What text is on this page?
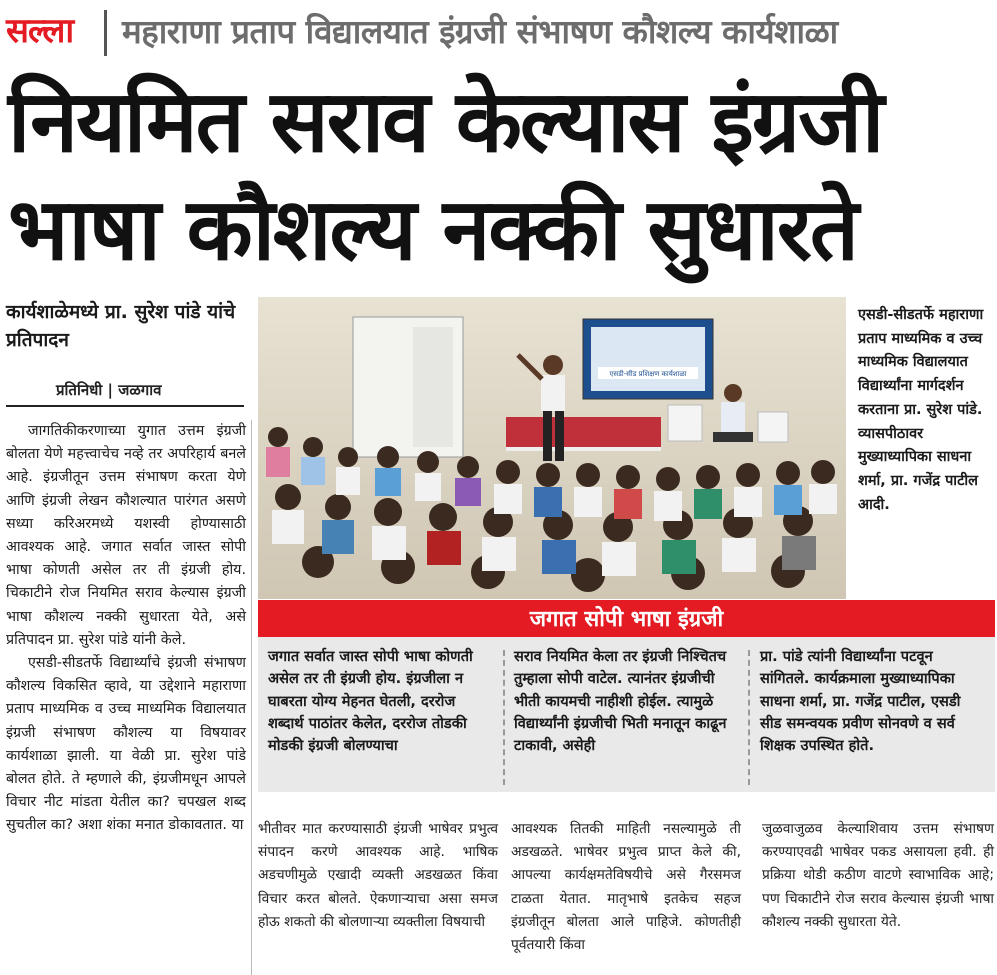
सल्ला महाराणा प्रताप विद्यालयात इंग्रजी संभाषण कौशल्य कार्यशाळा
नियमित सराव केल्यास इंग्रजी
भाषा कौशल्य नक्की सुधारते
कार्यशाळेमध्ये प्रा. सुरेश पांडे यांचे प्रतिपादन
प्रतिनिधी | जळगाव

जागतिकीकरणाच्या युगात उत्तम इंग्रजी बोलता येणे महत्त्वाचेच नव्हे तर अपरिहार्य बनले आहे. इंग्रजीतून उत्तम संभाषण करता येणे आणि इंग्रजी लेखन कौशल्यात पारंगत असणे सध्या करिअरमध्ये यशस्वी होण्यासाठी आवश्यक आहे. जगात सर्वात जास्त सोपी भाषा कोणती असेल तर ती इंग्रजी होय. चिकाटीने रोज नियमित सराव केल्यास इंग्रजी भाषा कौशल्य नक्की सुधारता येते, असे प्रतिपादन प्रा. सुरेश पांडे यांनी केले.

एसडी-सीडतर्फे विद्यार्थ्यांचे इंग्रजी संभाषण कौशल्य विकसित व्हावे, या उद्देशाने महाराणा प्रताप माध्यमिक व उच्च माध्यमिक विद्यालयात इंग्रजी संभाषण कौशल्य या विषयावर कार्यशाळा झाली. या वेळी प्रा. सुरेश पांडे बोलत होते. ते म्हणाले की, इंग्रजीमधून आपले विचार नीट मांडता येतील का? चपखल शब्द सुचतील का? अशा शंका मनात डोकावतात. या

एसडी-सीड प्रशिक्षण कार्यशाळा
एसडी-सीडतर्फे महाराणा प्रताप माध्यमिक व उच्च माध्यमिक विद्यालयात विद्यार्थ्यांना मार्गदर्शन करताना प्रा. सुरेश पांडे. व्यासपीठावर मुख्याध्यापिका साधना शर्मा, प्रा. गजेंद्र पाटील आदी.
जगात सोपी भाषा इंग्रजी
जगात सर्वात जास्त सोपी भाषा कोणती असेल तर ती इंग्रजी होय. इंग्रजीला न घाबरता योग्य मेहनत घेतली, दररोज शब्दार्थ पाठांतर केलेत, दररोज तोडकी मोडकी इंग्रजी बोलण्याचा
सराव नियमित केला तर इंग्रजी निश्चितच तुम्हाला सोपी वाटेल. त्यानंतर इंग्रजीची भीती कायमची नाहीशी होईल. त्यामुळे विद्यार्थ्यांनी इंग्रजीची भिती मनातून काढून टाकावी, असेही
प्रा. पांडे त्यांनी विद्यार्थ्यांना पटवून सांगितले. कार्यक्रमाला मुख्याध्यापिका साधना शर्मा, प्रा. गजेंद्र पाटील, एसडी सीड समन्वयक प्रवीण सोनवणे व सर्व शिक्षक उपस्थित होते.
भीतीवर मात करण्यासाठी इंग्रजी भाषेवर प्रभुत्व संपादन करणे आवश्यक आहे. भाषिक अडचणीमुळे एखादी व्यक्ती अडखळत किंवा विचार करत बोलते. ऐकणाऱ्याचा असा समज होऊ शकतो की बोलणाऱ्या व्यक्तीला विषयाची
आवश्यक तितकी माहिती नसल्यामुळे ती अडखळते. भाषेवर प्रभुत्व प्राप्त केले की, आपल्या कार्यक्षमतेविषयीचे असे गैरसमज टाळता येतात. मातृभाषे इतकेच सहज इंग्रजीतून बोलता आले पाहिजे. कोणतीही पूर्वतयारी किंवा
जुळवाजुळव केल्याशिवाय उत्तम संभाषण करण्याएवढी भाषेवर पकड असायला हवी. ही प्रक्रिया थोडी कठीण वाटणे स्वाभाविक आहे; पण चिकाटीने रोज सराव केल्यास इंग्रजी भाषा कौशल्य नक्की सुधारता येते.
